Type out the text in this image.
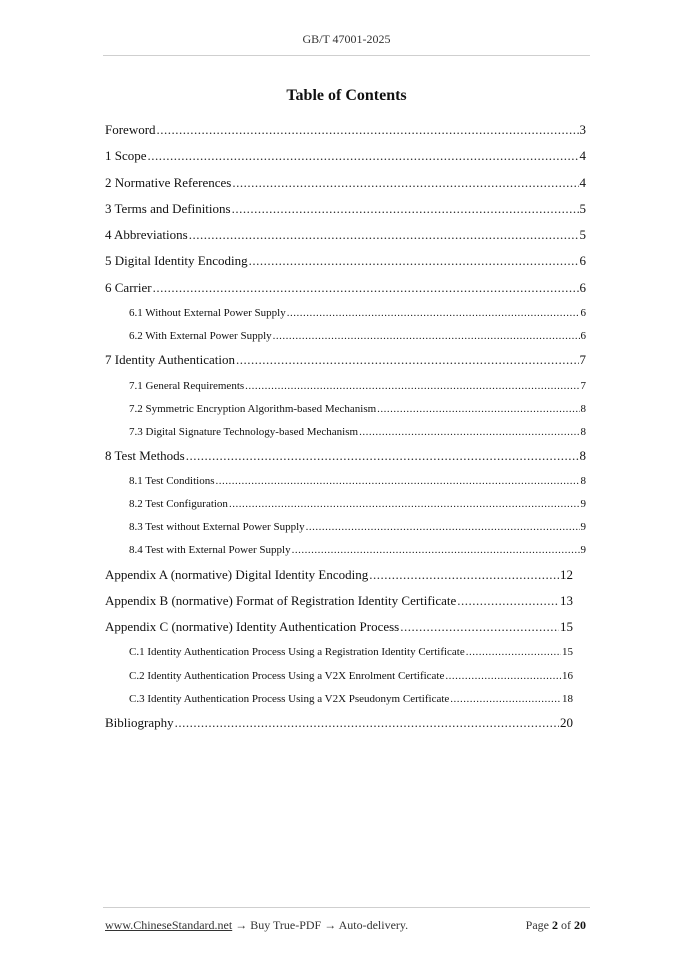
GB/T 47001-2025
Table of Contents
Foreword .....	3
1 Scope .....	4
2 Normative References .....	4
3 Terms and Definitions .....	5
4 Abbreviations .....	5
5 Digital Identity Encoding .....	6
6 Carrier .....	6
6.1 Without External Power Supply .....	6
6.2 With External Power Supply .....	6
7 Identity Authentication .....	7
7.1 General Requirements .....	7
7.2 Symmetric Encryption Algorithm-based Mechanism .....	8
7.3 Digital Signature Technology-based Mechanism .....	8
8 Test Methods .....	8
8.1 Test Conditions .....	8
8.2 Test Configuration .....	9
8.3 Test without External Power Supply .....	9
8.4 Test with External Power Supply .....	9
Appendix A (normative) Digital Identity Encoding .....	12
Appendix B (normative) Format of Registration Identity Certificate .....	13
Appendix C (normative) Identity Authentication Process .....	15
C.1 Identity Authentication Process Using a Registration Identity Certificate .....	15
C.2 Identity Authentication Process Using a V2X Enrolment Certificate .....	16
C.3 Identity Authentication Process Using a V2X Pseudonym Certificate .....	18
Bibliography .....	20
www.ChineseStandard.net → Buy True-PDF → Auto-delivery.	Page 2 of 20
